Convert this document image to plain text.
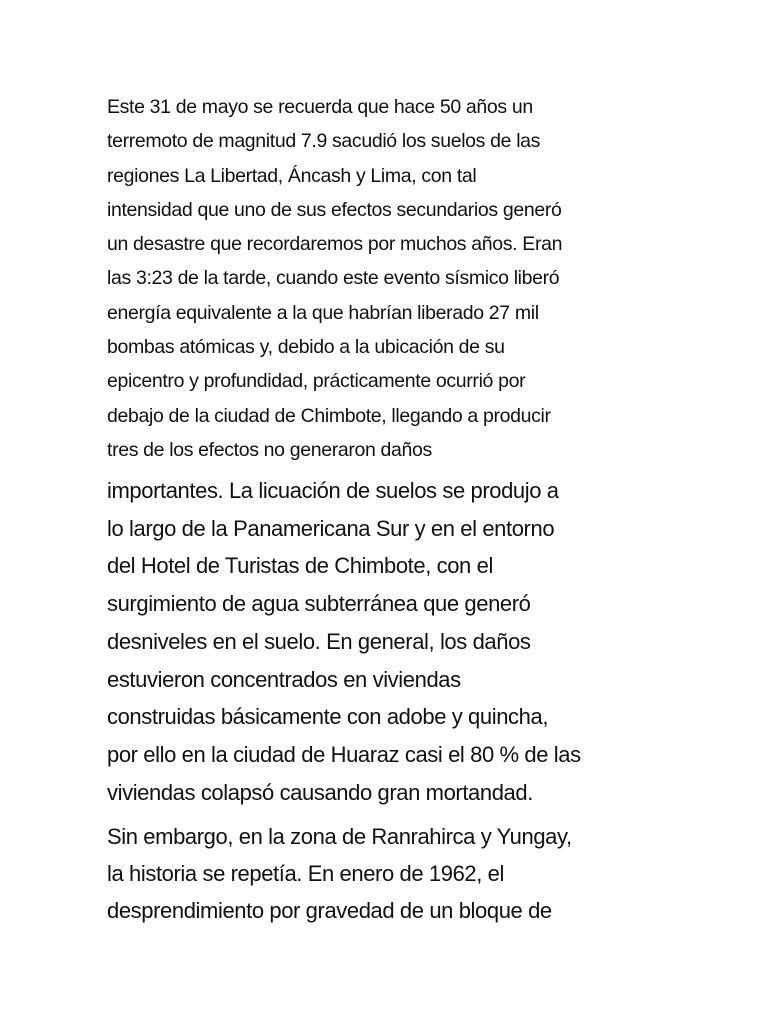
Este 31 de mayo se recuerda que hace 50 años un
terremoto de magnitud 7.9 sacudió los suelos de las
regiones La Libertad, Áncash y Lima, con tal
intensidad que uno de sus efectos secundarios generó
un desastre que recordaremos por muchos años. Eran
las 3:23 de la tarde, cuando este evento sísmico liberó
energía equivalente a la que habrían liberado 27 mil
bombas atómicas y, debido a la ubicación de su
epicentro y profundidad, prácticamente ocurrió por
debajo de la ciudad de Chimbote, llegando a producir
tres de los efectos no generaron daños

importantes. La licuación de suelos se produjo a
lo largo de la Panamericana Sur y en el entorno
del Hotel de Turistas de Chimbote, con el
surgimiento de agua subterránea que generó
desniveles en el suelo. En general, los daños
estuvieron concentrados en viviendas
construidas básicamente con adobe y quincha,
por ello en la ciudad de Huaraz casi el 80 % de las
viviendas colapsó causando gran mortandad.

Sin embargo, en la zona de Ranrahirca y Yungay,
la historia se repetía. En enero de 1962, el
desprendimiento por gravedad de un bloque de
